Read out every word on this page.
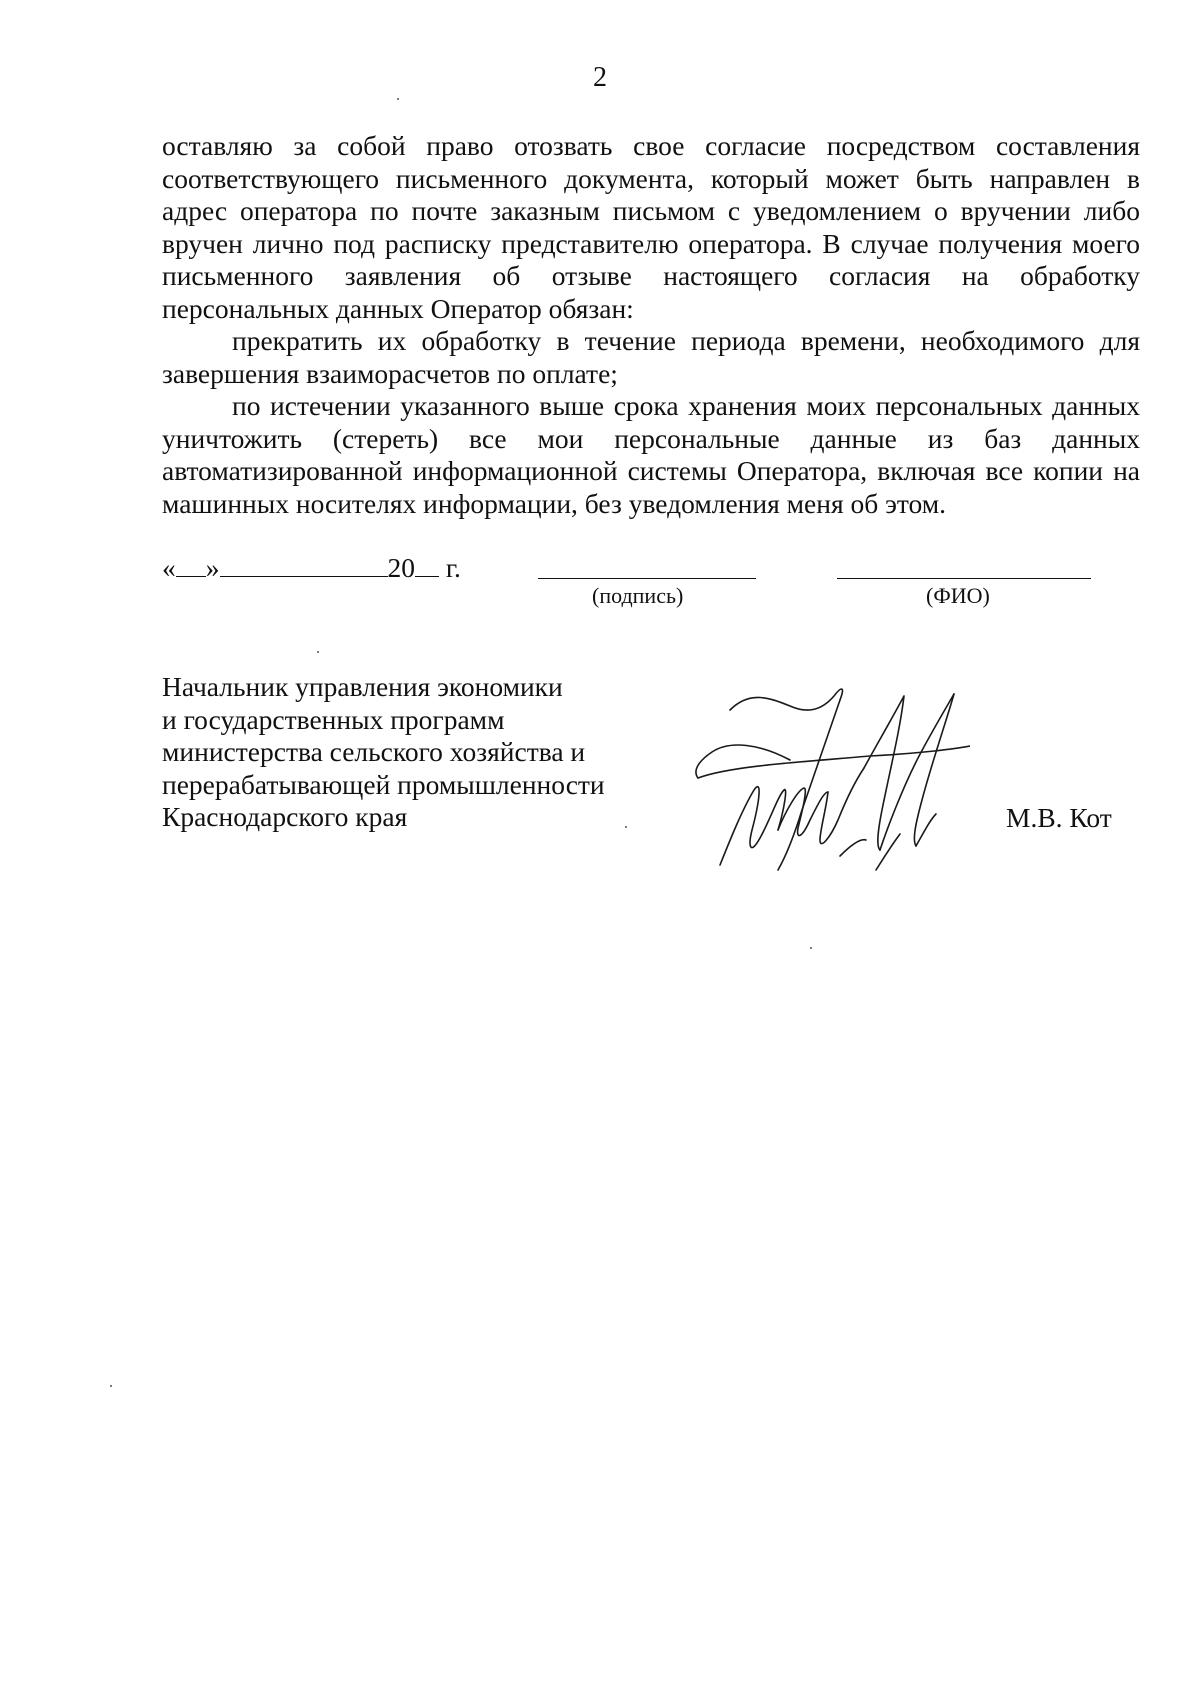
2

оставляю за собой право отозвать свое согласие посредством составления соответствующего письменного документа, который может быть направлен в адрес оператора по почте заказным письмом с уведомлением о вручении либо вручен лично под расписку представителю оператора. В случае получения моего письменного заявления об отзыве настоящего согласия на обработку персональных данных Оператор обязан:

прекратить их обработку в течение периода времени, необходимого для завершения взаиморасчетов по оплате;

по истечении указанного выше срока хранения моих персональных данных уничтожить (стереть) все мои персональные данные из баз данных автоматизированной информационной системы Оператора, включая все копии на машинных носителях информации, без уведомления меня об этом.

« »	20 г.
(подпись)	(ФИО)
Начальник управления экономики
и государственных программ
министерства сельского хозяйства и
перерабатывающей промышленности
Краснодарского края	М.В. Кот
